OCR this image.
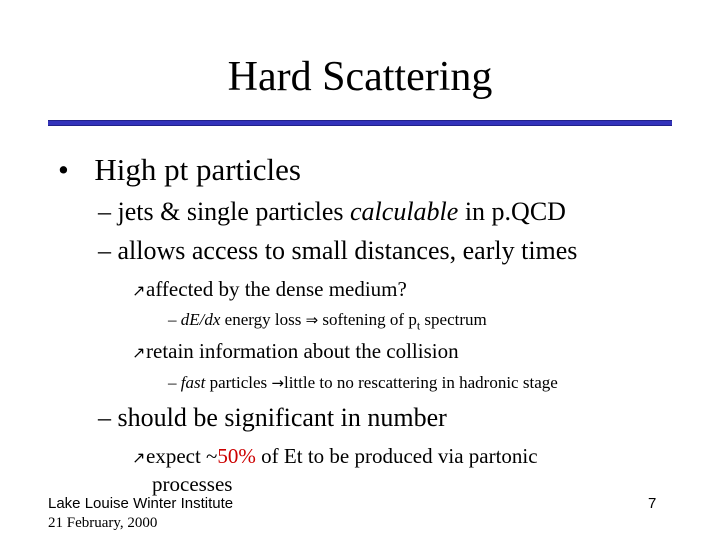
Hard Scattering
• High pt particles
– jets & single particles calculable in p.QCD
– allows access to small distances, early times
↗affected by the dense medium?
– dE/dx energy loss ⇒ softening of $p_t$ spectrum
↗retain information about the collision
– fast particles →little to no rescattering in hadronic stage
– should be significant in number
↗expect ~50% of Et to be produced via partonic
processes
Lake Louise Winter Institute
21 February, 2000
7
